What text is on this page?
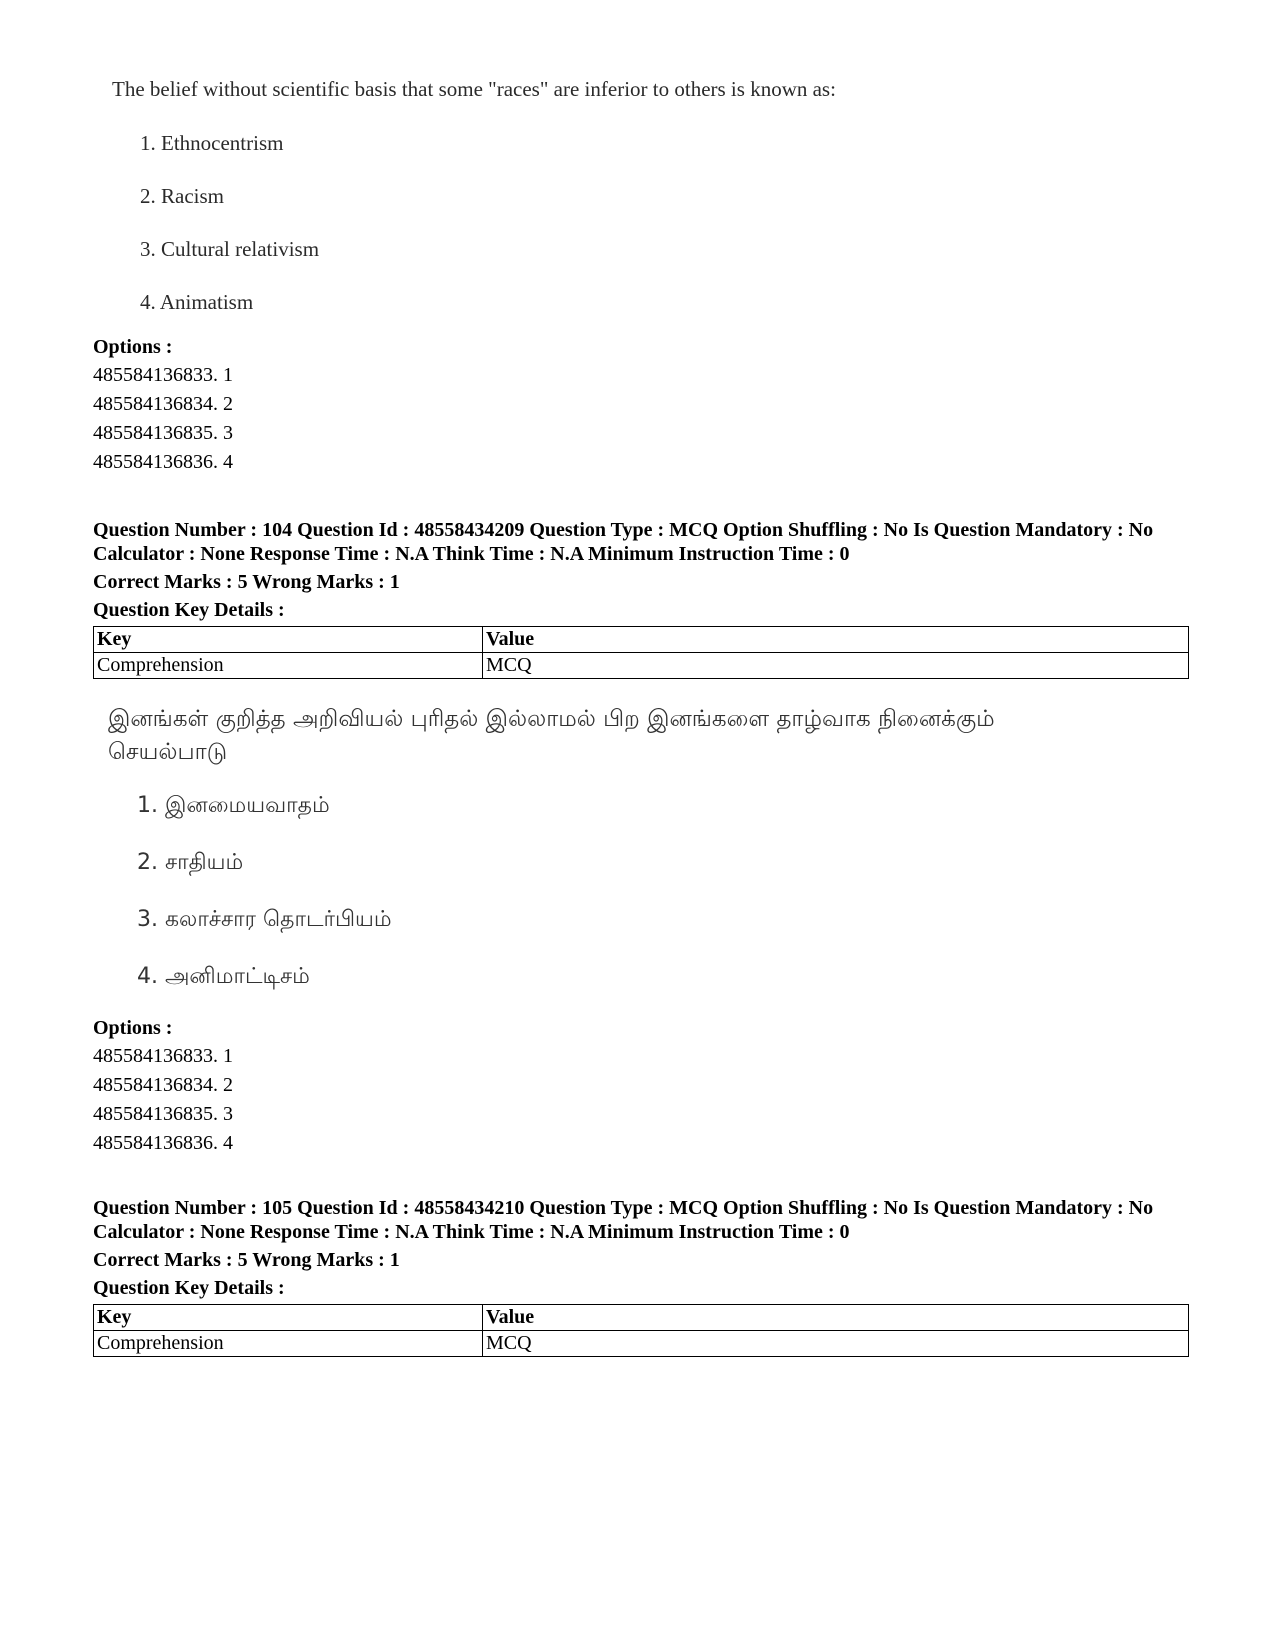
The belief without scientific basis that some "races" are inferior to others is known as:
1. Ethnocentrism
2. Racism
3. Cultural relativism
4. Animatism
Options :
485584136833. 1
485584136834. 2
485584136835. 3
485584136836. 4
Question Number : 104 Question Id : 48558434209 Question Type : MCQ Option Shuffling : No Is Question Mandatory : No Calculator : None Response Time : N.A Think Time : N.A Minimum Instruction Time : 0
Correct Marks : 5 Wrong Marks : 1
Question Key Details :
Key	Value
Comprehension	MCQ
இனங்கள் குறித்த அறிவியல் புரிதல் இல்லாமல் பிற இனங்களை தாழ்வாக நினைக்கும் செயல்பாடு
1. இனமையவாதம்
2. சாதியம்
3. கலாச்சார தொடர்பியம்
4. அனிமாட்டிசம்
Options :
485584136833. 1
485584136834. 2
485584136835. 3
485584136836. 4
Question Number : 105 Question Id : 48558434210 Question Type : MCQ Option Shuffling : No Is Question Mandatory : No Calculator : None Response Time : N.A Think Time : N.A Minimum Instruction Time : 0
Correct Marks : 5 Wrong Marks : 1
Question Key Details :
Key	Value
Comprehension	MCQ
